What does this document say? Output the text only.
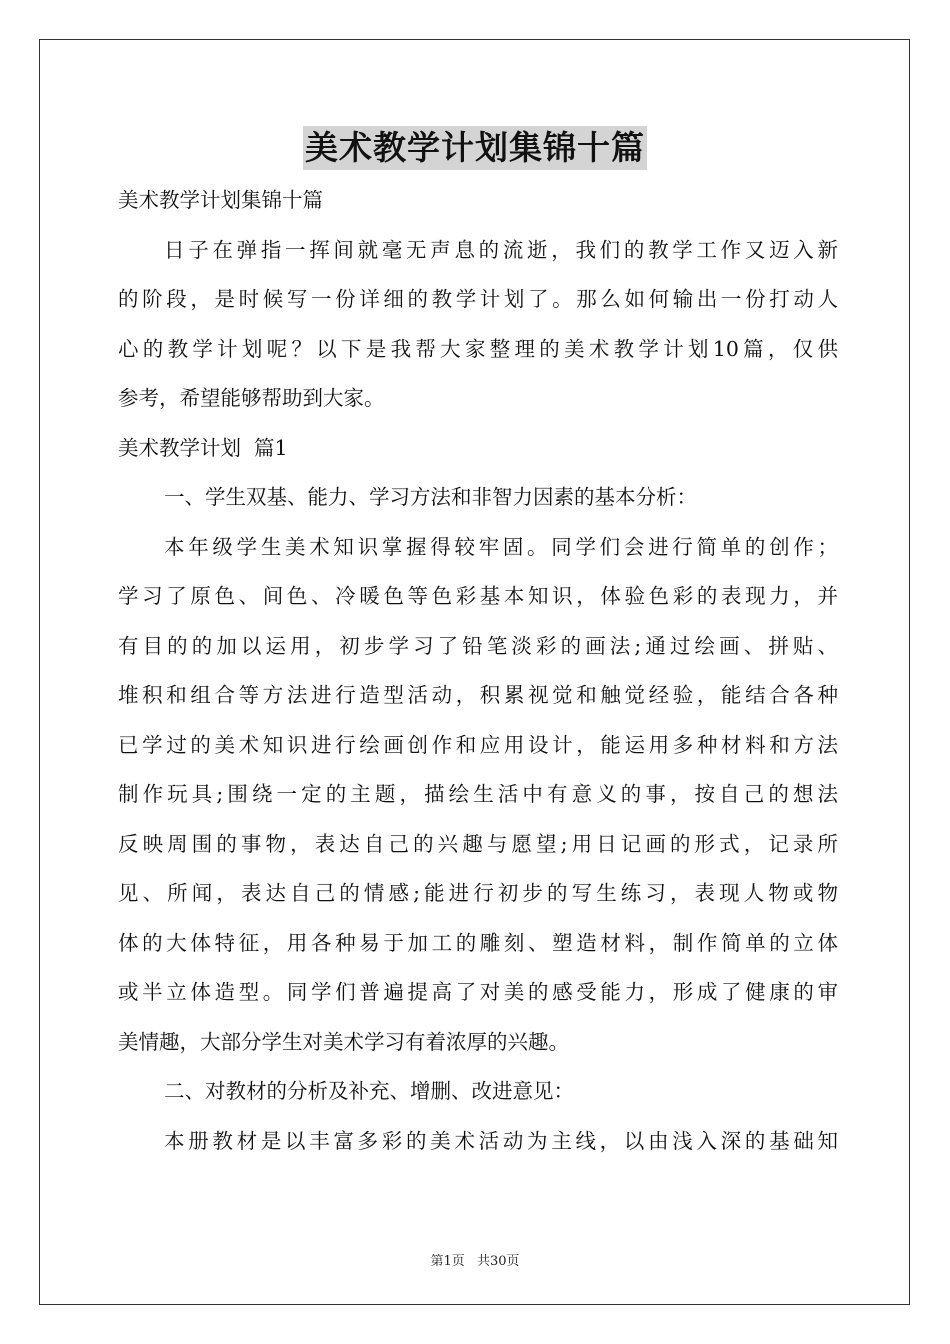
美术教学计划集锦十篇

美术教学计划集锦十篇

日子在弹指一挥间就毫无声息的流逝，我们的教学工作又迈入新

的阶段，是时候写一份详细的教学计划了。那么如何输出一份打动人

心的教学计划呢？以下是我帮大家整理的美术教学计划10篇，仅供

参考，希望能够帮助到大家。

美术教学计划  篇1

一、学生双基、能力、学习方法和非智力因素的基本分析：

本年级学生美术知识掌握得较牢固。同学们会进行简单的创作；

学习了原色、间色、冷暖色等色彩基本知识，体验色彩的表现力，并

有目的的加以运用，初步学习了铅笔淡彩的画法;通过绘画、拼贴、

堆积和组合等方法进行造型活动，积累视觉和触觉经验，能结合各种

已学过的美术知识进行绘画创作和应用设计，能运用多种材料和方法

制作玩具;围绕一定的主题，描绘生活中有意义的事，按自己的想法

反映周围的事物，表达自己的兴趣与愿望;用日记画的形式，记录所

见、所闻，表达自己的情感;能进行初步的写生练习，表现人物或物

体的大体特征，用各种易于加工的雕刻、塑造材料，制作简单的立体

或半立体造型。同学们普遍提高了对美的感受能力，形成了健康的审

美情趣，大部分学生对美术学习有着浓厚的兴趣。

二、对教材的分析及补充、增删、改进意见：

本册教材是以丰富多彩的美术活动为主线，以由浅入深的基础知

第1页 共30页
